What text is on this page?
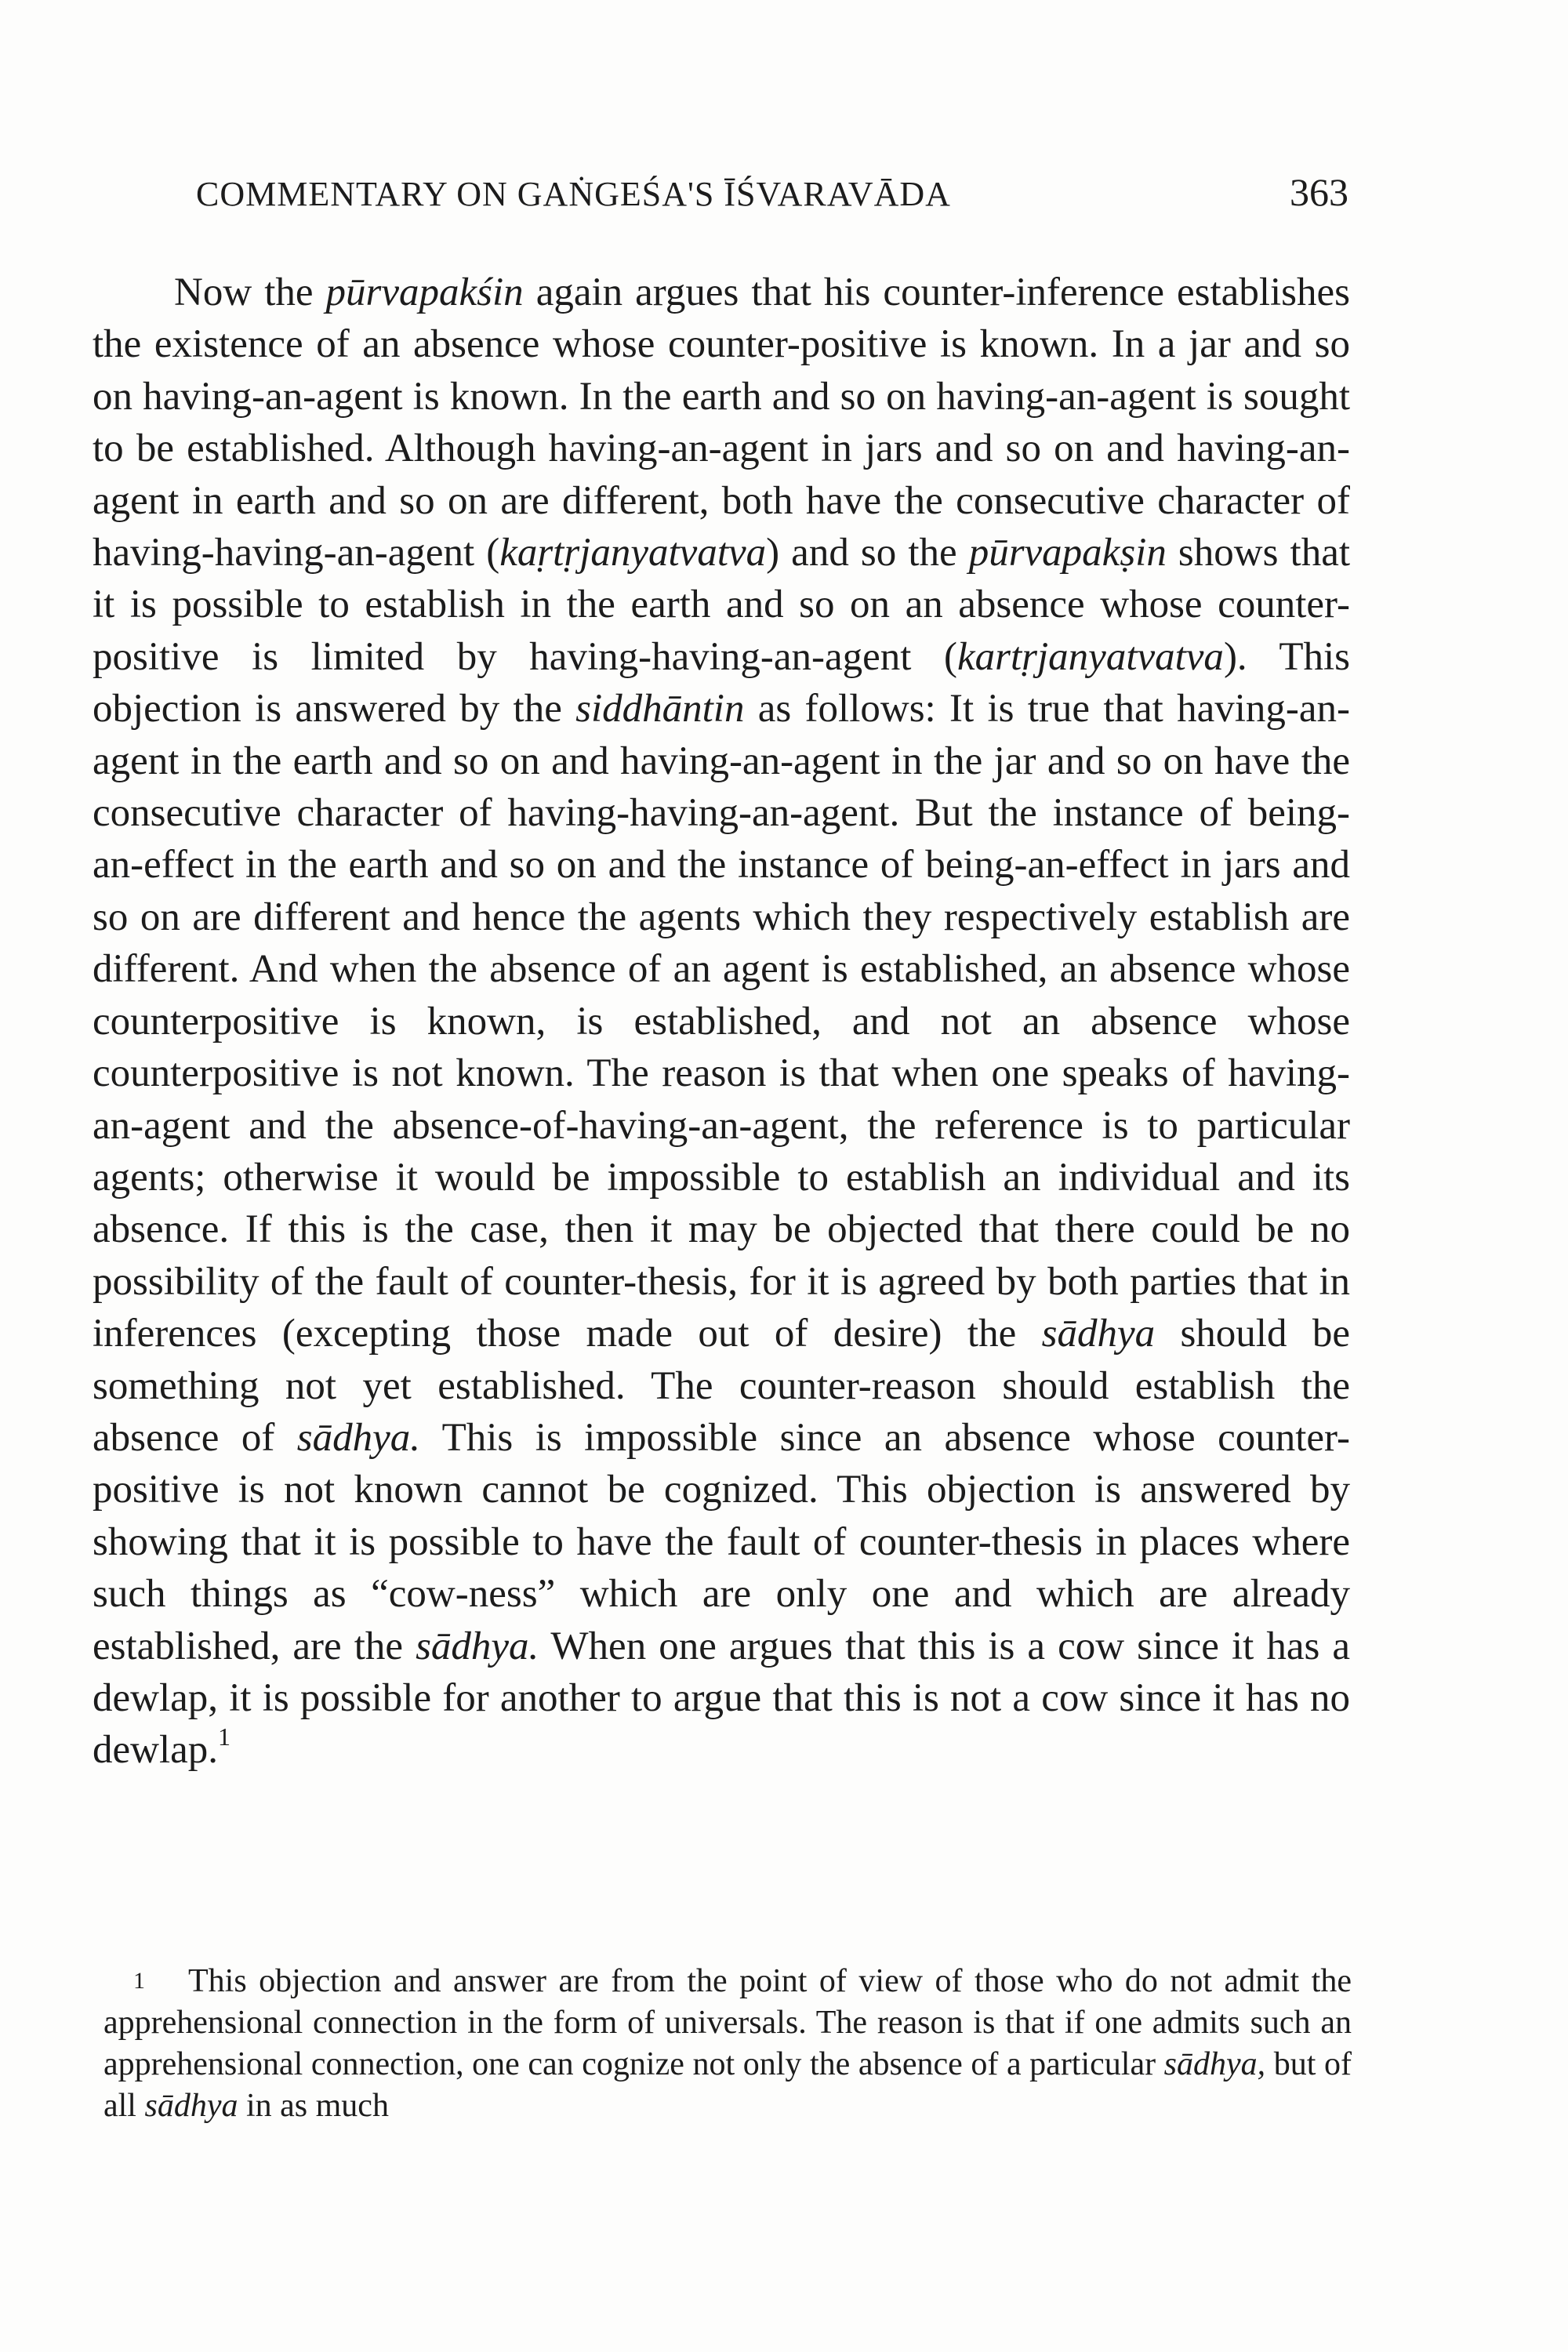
COMMENTARY ON GAṄGEŚA'S ĪŚVARAVĀDA	363

Now the pūrvapakśin again argues that his counter-inference establishes the existence of an absence whose counter-positive is known. In a jar and so on having-an-agent is known. In the earth and so on having-an-agent is sought to be established. Although having-an-agent in jars and so on and having-an-agent in earth and so on are different, both have the consecutive character of having-having-an-agent (kaṛtṛjanyatvatva) and so the pūrvapakṣin shows that it is possible to establish in the earth and so on an absence whose counter-positive is limited by having-having-an-agent (kartṛjanyatvatva). This objection is answered by the siddhāntin as follows: It is true that having-an-agent in the earth and so on and having-an-agent in the jar and so on have the consecutive character of having-having-an-agent. But the instance of being-an-effect in the earth and so on and the instance of being-an-effect in jars and so on are different and hence the agents which they respectively establish are different. And when the absence of an agent is established, an absence whose counterpositive is known, is established, and not an absence whose counterpositive is not known. The reason is that when one speaks of having-an-agent and the absence-of-having-an-agent, the reference is to particular agents; otherwise it would be impossible to establish an individual and its absence. If this is the case, then it may be objected that there could be no possibility of the fault of counter-thesis, for it is agreed by both parties that in inferences (excepting those made out of desire) the sādhya should be something not yet established. The counter-reason should establish the absence of sādhya. This is impossible since an absence whose counter-positive is not known cannot be cognized. This objection is answered by showing that it is possible to have the fault of counter-thesis in places where such things as “cow-ness” which are only one and which are already established, are the sādhya. When one argues that this is a cow since it has a dewlap, it is possible for another to argue that this is not a cow since it has no dewlap.$^1$

1 This objection and answer are from the point of view of those who do not admit the apprehensional connection in the form of universals. The reason is that if one admits such an apprehensional connection, one can cognize not only the absence of a particular sādhya, but of all sādhya in as much
